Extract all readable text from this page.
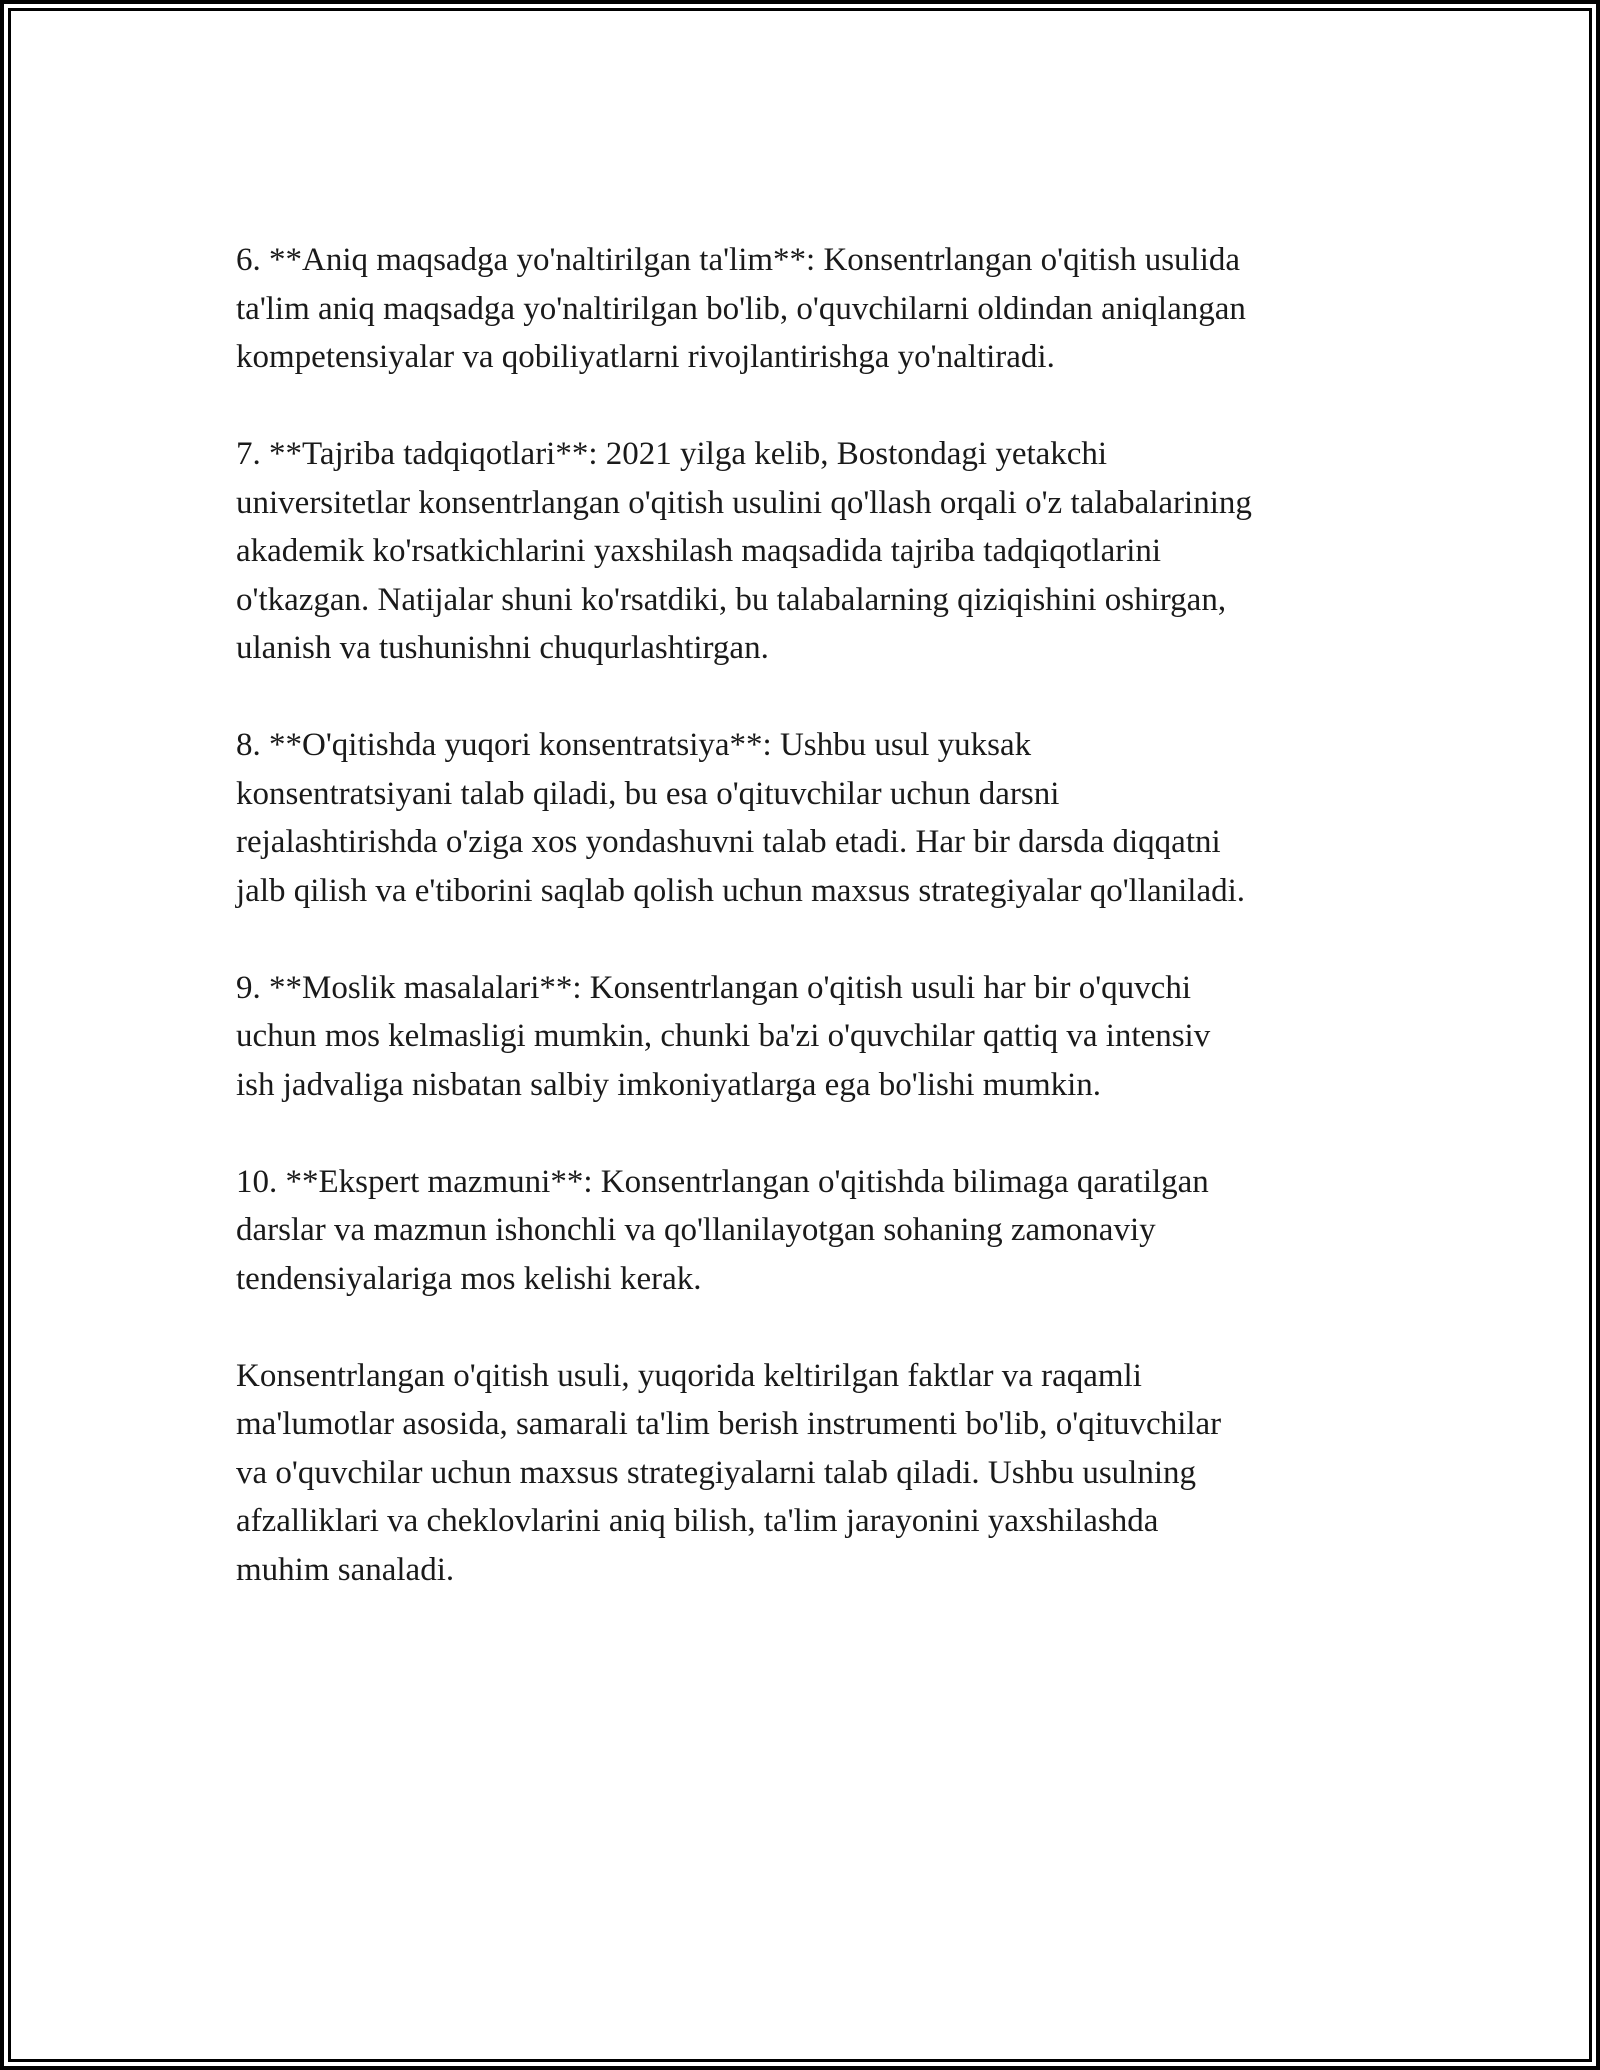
6. **Aniq maqsadga yo'naltirilgan ta'lim**: Konsentrlangan o'qitish usulida
ta'lim aniq maqsadga yo'naltirilgan bo'lib, o'quvchilarni oldindan aniqlangan
kompetensiyalar va qobiliyatlarni rivojlantirishga yo'naltiradi.

7. **Tajriba tadqiqotlari**: 2021 yilga kelib, Bostondagi yetakchi
universitetlar konsentrlangan o'qitish usulini qo'llash orqali o'z talabalarining
akademik ko'rsatkichlarini yaxshilash maqsadida tajriba tadqiqotlarini
o'tkazgan. Natijalar shuni ko'rsatdiki, bu talabalarning qiziqishini oshirgan,
ulanish va tushunishni chuqurlashtirgan.

8. **O'qitishda yuqori konsentratsiya**: Ushbu usul yuksak
konsentratsiyani talab qiladi, bu esa o'qituvchilar uchun darsni
rejalashtirishda o'ziga xos yondashuvni talab etadi. Har bir darsda diqqatni
jalb qilish va e'tiborini saqlab qolish uchun maxsus strategiyalar qo'llaniladi.

9. **Moslik masalalari**: Konsentrlangan o'qitish usuli har bir o'quvchi
uchun mos kelmasligi mumkin, chunki ba'zi o'quvchilar qattiq va intensiv
ish jadvaliga nisbatan salbiy imkoniyatlarga ega bo'lishi mumkin.

10. **Ekspert mazmuni**: Konsentrlangan o'qitishda bilimaga qaratilgan
darslar va mazmun ishonchli va qo'llanilayotgan sohaning zamonaviy
tendensiyalariga mos kelishi kerak.

Konsentrlangan o'qitish usuli, yuqorida keltirilgan faktlar va raqamli
ma'lumotlar asosida, samarali ta'lim berish instrumenti bo'lib, o'qituvchilar
va o'quvchilar uchun maxsus strategiyalarni talab qiladi. Ushbu usulning
afzalliklari va cheklovlarini aniq bilish, ta'lim jarayonini yaxshilashda
muhim sanaladi.
